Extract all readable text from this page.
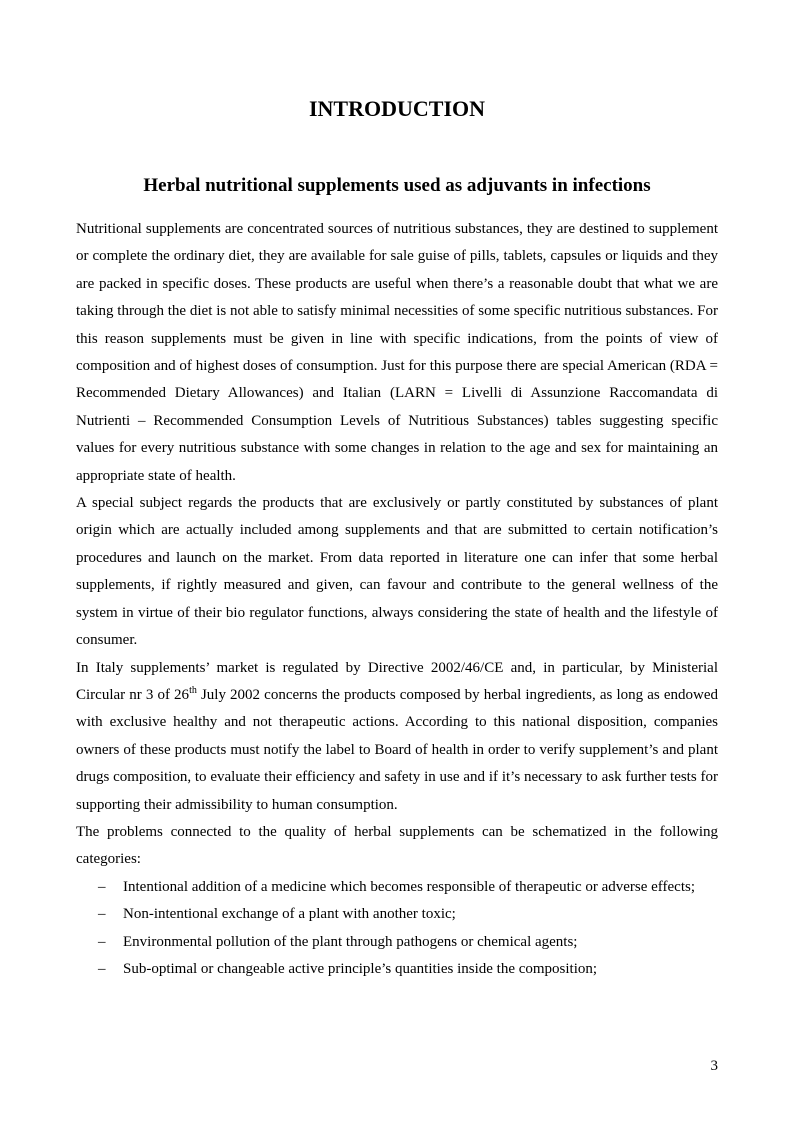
INTRODUCTION
Herbal nutritional supplements used as adjuvants in infections

Nutritional supplements are concentrated sources of nutritious substances, they are destined to supplement or complete the ordinary diet, they are available for sale guise of pills, tablets, capsules or liquids and they are packed in specific doses. These products are useful when there’s a reasonable doubt that what we are taking through the diet is not able to satisfy minimal necessities of some specific nutritious substances. For this reason supplements must be given in line with specific indications, from the points of view of composition and of highest doses of consumption. Just for this purpose there are special American (RDA = Recommended Dietary Allowances) and Italian (LARN = Livelli di Assunzione Raccomandata di Nutrienti – Recommended Consumption Levels of Nutritious Substances) tables suggesting specific values for every nutritious substance with some changes in relation to the age and sex for maintaining an appropriate state of health.

A special subject regards the products that are exclusively or partly constituted by substances of plant origin which are actually included among supplements and that are submitted to certain notification’s procedures and launch on the market. From data reported in literature one can infer that some herbal supplements, if rightly measured and given, can favour and contribute to the general wellness of the system in virtue of their bio regulator functions, always considering the state of health and the lifestyle of consumer.

In Italy supplements’ market is regulated by Directive 2002/46/CE and, in particular, by Ministerial Circular nr 3 of 26th July 2002 concerns the products composed by herbal ingredients, as long as endowed with exclusive healthy and not therapeutic actions. According to this national disposition, companies owners of these products must notify the label to Board of health in order to verify supplement’s and plant drugs composition, to evaluate their efficiency and safety in use and if it’s necessary to ask further tests for supporting their admissibility to human consumption.

The problems connected to the quality of herbal supplements can be schematized in the following categories:

– Intentional addition of a medicine which becomes responsible of therapeutic or adverse effects;
– Non-intentional exchange of a plant with another toxic;
– Environmental pollution of the plant through pathogens or chemical agents;
– Sub-optimal or changeable active principle’s quantities inside the composition;
3
